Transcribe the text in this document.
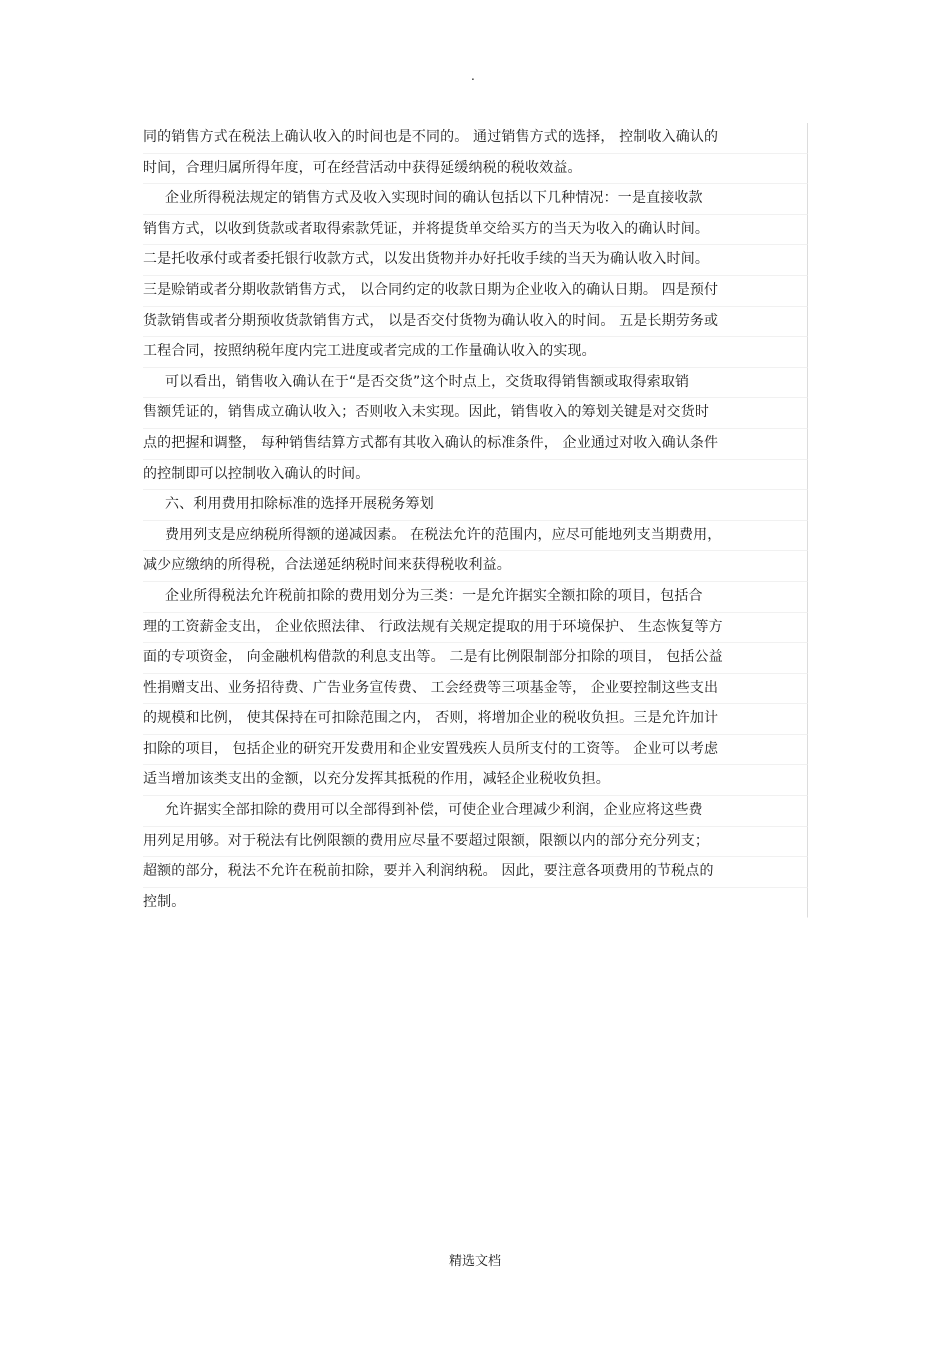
.
同的销售方式在税法上确认收入的时间也是不同的。 通过销售方式的选择， 控制收入确认的
时间，合理归属所得年度，可在经营活动中获得延缓纳税的税收效益。
企业所得税法规定的销售方式及收入实现时间的确认包括以下几种情况：一是直接收款
销售方式，以收到货款或者取得索款凭证，并将提货单交给买方的当天为收入的确认时间。
二是托收承付或者委托银行收款方式，以发出货物并办好托收手续的当天为确认收入时间。
三是赊销或者分期收款销售方式， 以合同约定的收款日期为企业收入的确认日期。 四是预付
货款销售或者分期预收货款销售方式， 以是否交付货物为确认收入的时间。 五是长期劳务或
工程合同，按照纳税年度内完工进度或者完成的工作量确认收入的实现。
可以看出，销售收入确认在于“是否交货”这个时点上，交货取得销售额或取得索取销
售额凭证的，销售成立确认收入；否则收入未实现。因此，销售收入的筹划关键是对交货时
点的把握和调整， 每种销售结算方式都有其收入确认的标准条件， 企业通过对收入确认条件
的控制即可以控制收入确认的时间。
六、利用费用扣除标准的选择开展税务筹划
费用列支是应纳税所得额的递减因素。 在税法允许的范围内，应尽可能地列支当期费用，
减少应缴纳的所得税，合法递延纳税时间来获得税收利益。
企业所得税法允许税前扣除的费用划分为三类：一是允许据实全额扣除的项目，包括合
理的工资薪金支出， 企业依照法律、 行政法规有关规定提取的用于环境保护、 生态恢复等方
面的专项资金， 向金融机构借款的利息支出等。 二是有比例限制部分扣除的项目， 包括公益
性捐赠支出、业务招待费、广告业务宣传费、 工会经费等三项基金等， 企业要控制这些支出
的规模和比例， 使其保持在可扣除范围之内， 否则，将增加企业的税收负担。三是允许加计
扣除的项目， 包括企业的研究开发费用和企业安置残疾人员所支付的工资等。 企业可以考虑
适当增加该类支出的金额，以充分发挥其抵税的作用，减轻企业税收负担。
允许据实全部扣除的费用可以全部得到补偿，可使企业合理减少利润，企业应将这些费
用列足用够。对于税法有比例限额的费用应尽量不要超过限额，限额以内的部分充分列支；
超额的部分，税法不允许在税前扣除，要并入利润纳税。 因此，要注意各项费用的节税点的
控制。
精选文档
